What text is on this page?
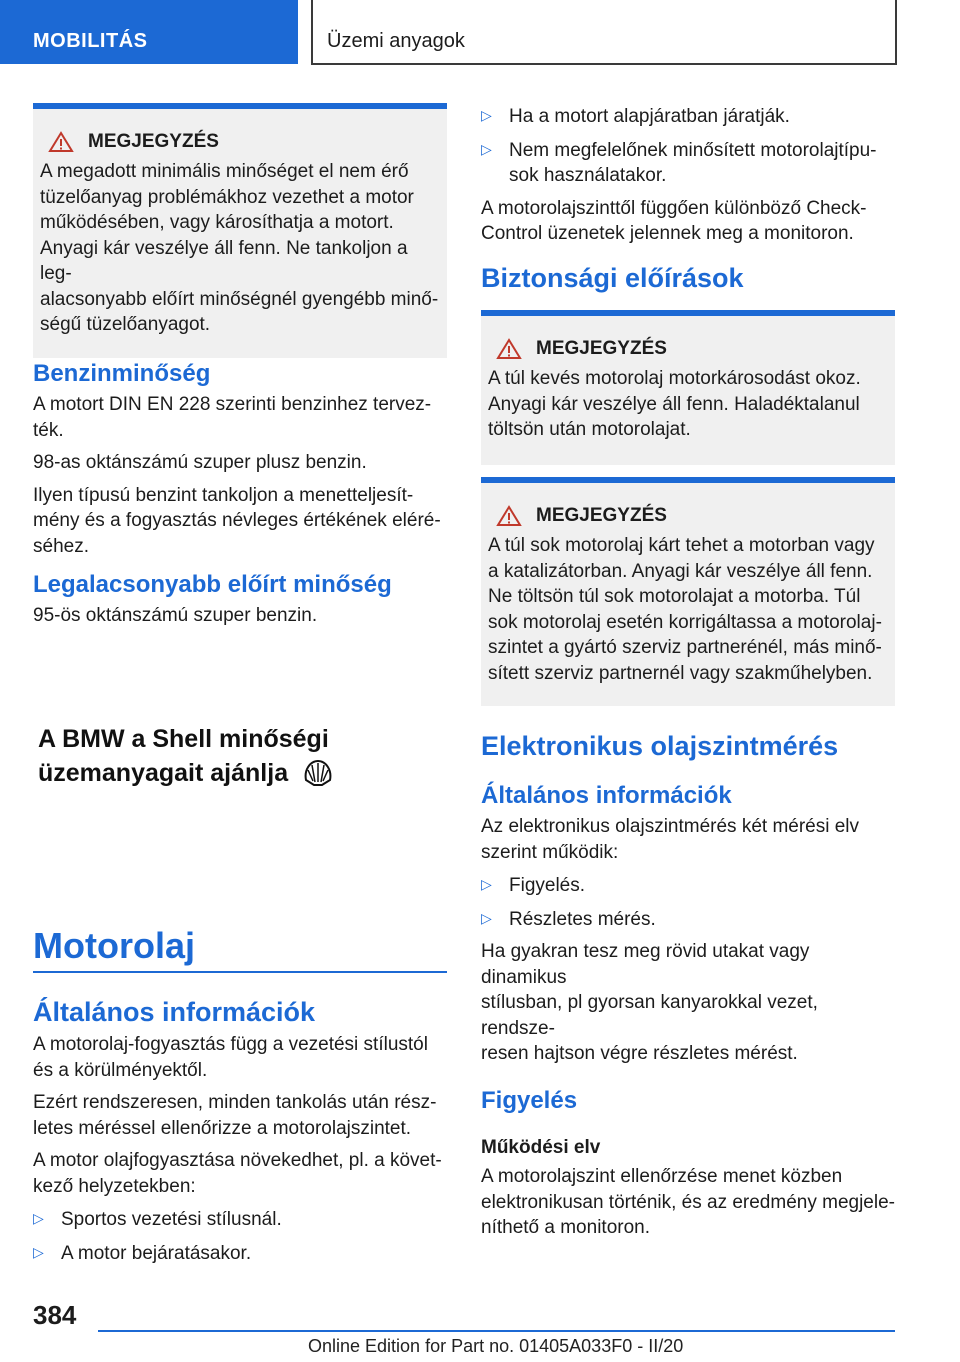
MOBILITÁS	Üzemi anyagok
MEGJEGYZÉS

A megadott minimális minőséget el nem érő

tüzelőanyag problémákhoz vezethet a motor

működésében, vagy károsíthatja a motort.

Anyagi kár veszélye áll fenn. Ne tankoljon a leg-

alacsonyabb előírt minőségnél gyengébb minő-

ségű tüzelőanyagot.

Benzinminőség

A motort DIN EN 228 szerinti benzinhez tervez-

ték.

98-as oktánszámú szuper plusz benzin.

Ilyen típusú benzint tankoljon a menetteljesít-

mény és a fogyasztás névleges értékének eléré-

séhez.

Legalacsonyabb előírt minőség

95-ös oktánszámú szuper benzin.

A BMW a Shell minőségi
üzemanyagait ajánlja
Motorolaj
Általános információk

A motorolaj-fogyasztás függ a vezetési stílustól

és a körülményektől.

Ezért rendszeresen, minden tankolás után rész-

letes méréssel ellenőrizze a motorolajszintet.

A motor olajfogyasztása növekedhet, pl. a követ-

kező helyzetekben:

▷ Sportos vezetési stílusnál.

▷ A motor bejáratásakor.

▷ Ha a motort alapjáratban járatják.

▷ Nem megfelelőnek minősített motorolajtípu-

sok használatakor.

A motorolajszinttől függően különböző Check-

Control üzenetek jelennek meg a monitoron.

Biztonsági előírások
MEGJEGYZÉS

A túl kevés motorolaj motorkárosodást okoz.

Anyagi kár veszélye áll fenn. Haladéktalanul

töltsön után motorolajat.

MEGJEGYZÉS

A túl sok motorolaj kárt tehet a motorban vagy

a katalizátorban. Anyagi kár veszélye áll fenn.

Ne töltsön túl sok motorolajat a motorba. Túl

sok motorolaj esetén korrigáltassa a motorolaj-

szintet a gyártó szerviz partnerénél, más minő-

sített szerviz partnernél vagy szakműhelyben.

Elektronikus olajszintmérés
Általános információk

Az elektronikus olajszintmérés két mérési elv

szerint működik:

▷ Figyelés.

▷ Részletes mérés.

Ha gyakran tesz meg rövid utakat vagy dinamikus

stílusban, pl gyorsan kanyarokkal vezet, rendsze-

resen hajtson végre részletes mérést.

Figyelés

Működési elv

A motorolajszint ellenőrzése menet közben

elektronikusan történik, és az eredmény megjele-

níthető a monitoron.

384
Online Edition for Part no. 01405A033F0 - II/20
